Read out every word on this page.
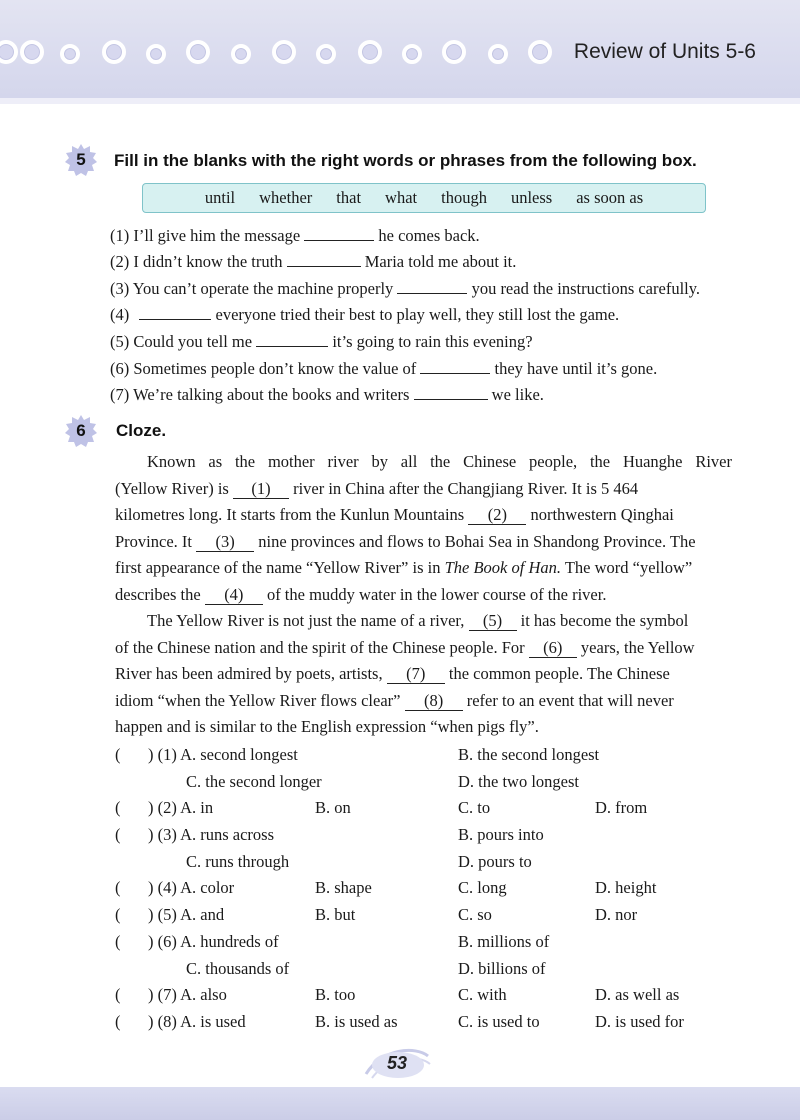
Review of Units 5-6
5	Fill in the blanks with the right words or phrases from the following box.
until whether that what though unless as soon as
(1) I’ll give him the message	he comes back.
(2) I didn’t know the truth	Maria told me about it.
(3) You can’t operate the machine properly	you read the instructions carefully.
(4)	everyone tried their best to play well, they still lost the game.
(5) Could you tell me	it’s going to rain this evening?
(6) Sometimes people don’t know the value of	they have until it’s gone.
(7) We’re talking about the books and writers	we like.
6	Cloze.
Known as the mother river by all the Chinese people, the Huanghe River
(Yellow River) is (1) river in China after the Changjiang River. It is 5 464
kilometres long. It starts from the Kunlun Mountains (2) northwestern Qinghai
Province. It (3) nine provinces and flows to Bohai Sea in Shandong Province. The
first appearance of the name “Yellow River” is in The Book of Han. The word “yellow”
describes the (4) of the muddy water in the lower course of the river.
The Yellow River is not just the name of a river, (5) it has become the symbol
of the Chinese nation and the spirit of the Chinese people. For (6) years, the Yellow
River has been admired by poets, artists, (7) the common people. The Chinese
idiom “when the Yellow River flows clear” (8) refer to an event that will never
happen and is similar to the English expression “when pigs fly”.
( ) (1) A. second longest	B. the second longest
C. the second longer	D. the two longest
( ) (2) A. in	B. on	C. to	D. from
( ) (3) A. runs across	B. pours into
C. runs through	D. pours to
( ) (4) A. color	B. shape	C. long	D. height
( ) (5) A. and	B. but	C. so	D. nor
( ) (6) A. hundreds of	B. millions of
C. thousands of	D. billions of
( ) (7) A. also	B. too	C. with	D. as well as
( ) (8) A. is used	B. is used as	C. is used to	D. is used for
53
